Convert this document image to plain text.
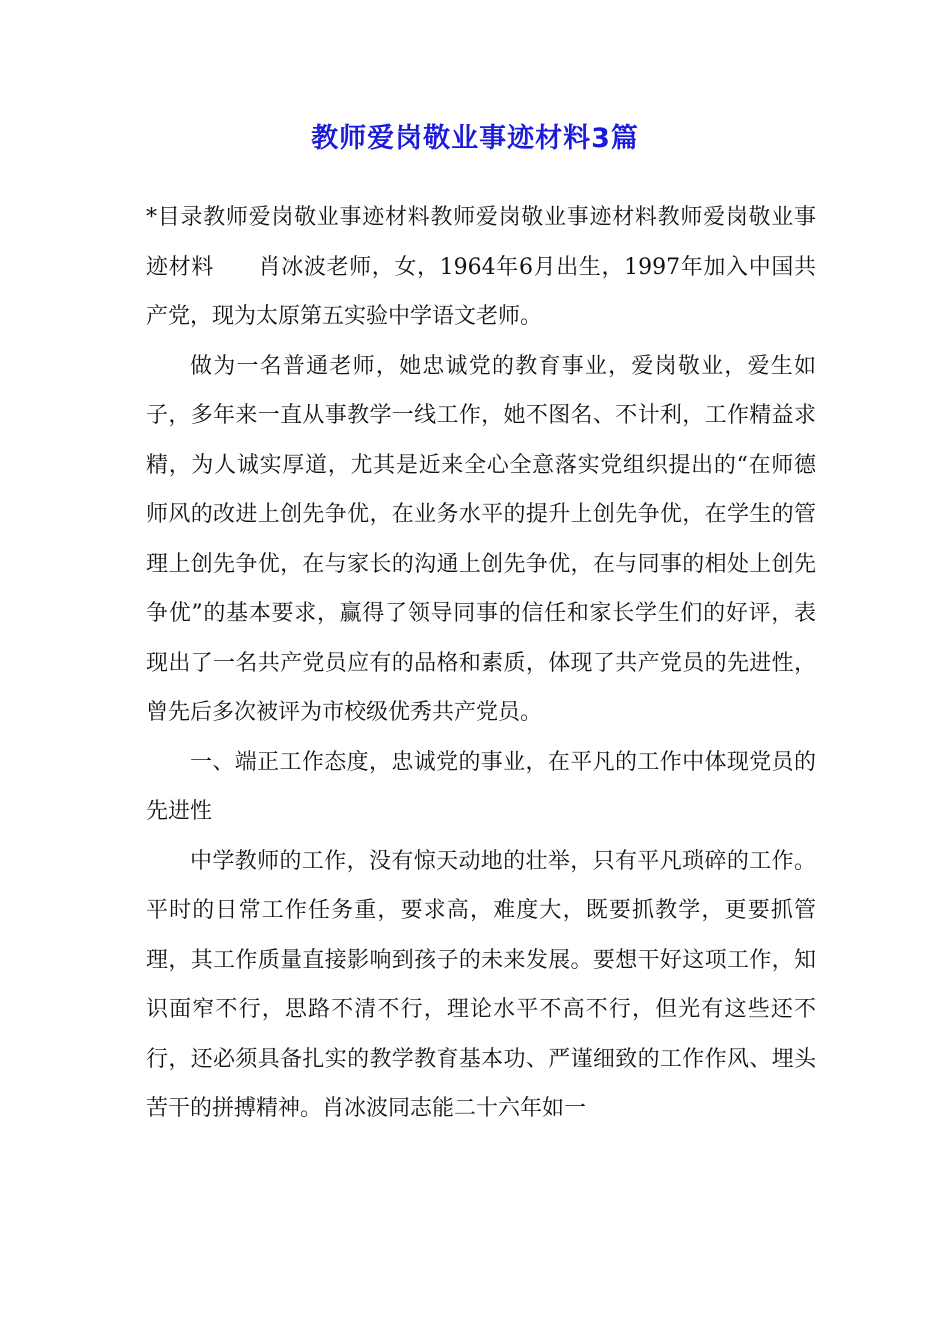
教师爱岗敬业事迹材料3篇

*目录教师爱岗敬业事迹材料教师爱岗敬业事迹材料教师爱岗敬业事迹材料 肖冰波老师，女，1964年6月出生，1997年加入中国共产党，现为太原第五实验中学语文老师。

做为一名普通老师，她忠诚党的教育事业，爱岗敬业，爱生如子，多年来一直从事教学一线工作，她不图名、不计利，工作精益求精，为人诚实厚道，尤其是近来全心全意落实党组织提出的“在师德师风的改进上创先争优，在业务水平的提升上创先争优，在学生的管理上创先争优，在与家长的沟通上创先争优，在与同事的相处上创先争优”的基本要求，赢得了领导同事的信任和家长学生们的好评，表现出了一名共产党员应有的品格和素质，体现了共产党员的先进性，曾先后多次被评为市校级优秀共产党员。

一、端正工作态度，忠诚党的事业，在平凡的工作中体现党员的先进性

中学教师的工作，没有惊天动地的壮举，只有平凡琐碎的工作。平时的日常工作任务重，要求高，难度大，既要抓教学，更要抓管理，其工作质量直接影响到孩子的未来发展。要想干好这项工作，知识面窄不行，思路不清不行，理论水平不高不行，但光有这些还不行，还必须具备扎实的教学教育基本功、严谨细致的工作作风、埋头苦干的拼搏精神。肖冰波同志能二十六年如一
